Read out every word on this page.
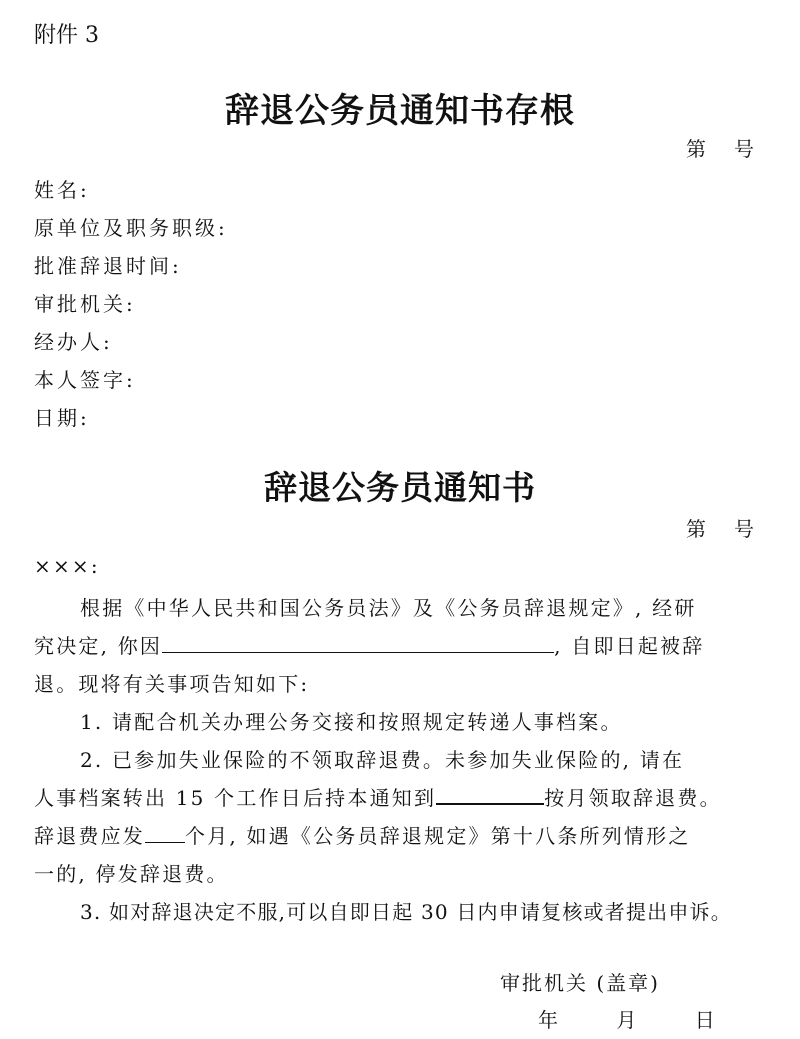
附件 3
辞退公务员通知书存根
第号
姓名:
原单位及职务职级:
批准辞退时间:
审批机关:
经办人:
本人签字:
日期:
辞退公务员通知书
第号
×××:
根据《中华人民共和国公务员法》及《公务员辞退规定》, 经研
究决定, 你因	, 自即日起被辞
退。现将有关事项告知如下:
1. 请配合机关办理公务交接和按照规定转递人事档案。
2. 已参加失业保险的不领取辞退费。未参加失业保险的, 请在
人事档案转出 15 个工作日后持本通知到	按月领取辞退费。
辞退费应发 个月, 如遇《公务员辞退规定》第十八条所列情形之
一的, 停发辞退费。
3. 如对辞退决定不服,可以自即日起 30 日内申请复核或者提出申诉。
审批机关 (盖章)
年 月 日
